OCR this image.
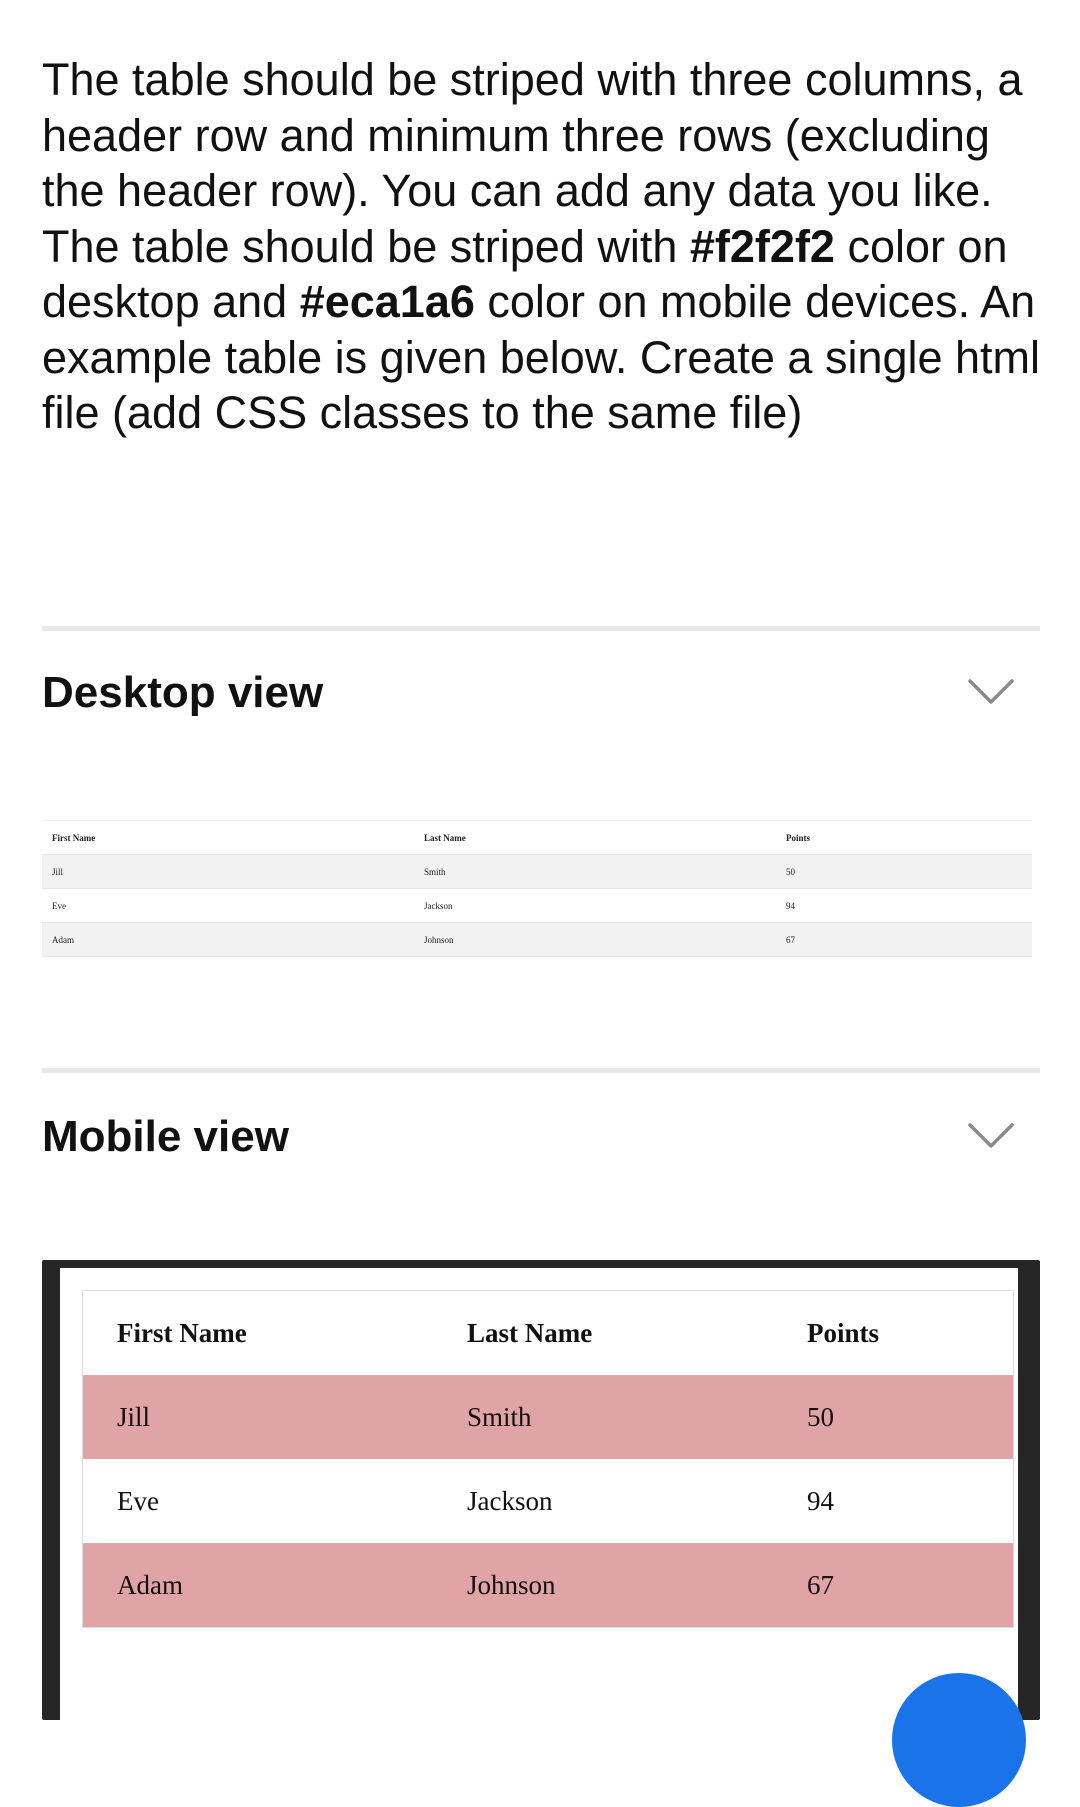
The table should be striped with three columns, a header row and minimum three rows (excluding the header row). You can add any data you like. The table should be striped with #f2f2f2 color on desktop and #eca1a6 color on mobile devices. An example table is given below. Create a single html file (add CSS classes to the same file)

Desktop view
First Name	Last Name	Points
Jill	Smith	50
Eve	Jackson	94
Adam	Johnson	67
Mobile view
First Name	Last Name	Points
Jill	Smith	50
Eve	Jackson	94
Adam	Johnson	67
